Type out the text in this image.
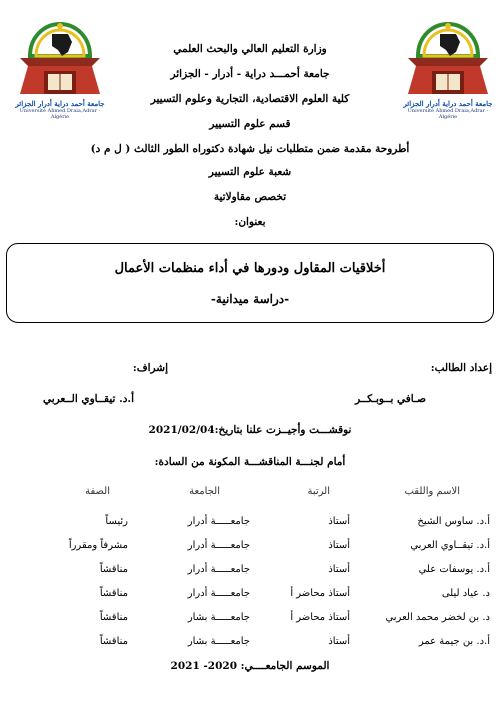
جامعة أحمد دراية أدرار الجزائر
Université Ahmed Draia,Adrar - Algérie
جامعة أحمد دراية أدرار الجزائر
Université Ahmed Draia,Adrar - Algérie
وزارة التعليم العالي والبحث العلمي
جامعة أحمـــد دراية - أدرار - الجزائر
كلية العلوم الاقتصادية، التجارية وعلوم التسيير
قسم علوم التسيير
أطروحة مقدمة ضمن متطلبات نيل شهادة دكتوراه الطور الثالث ( ل م د)
شعبة علوم التسيير
تخصص مقاولاتية
بعنوان:
أخلاقيات المقاول ودورها في أداء منظمات الأعمال
-دراسة ميدانية-
إعداد الطالب:
إشراف:
صـافي بــوبـكــر
أ.د. تيقــاوي الــعربي
نوقشـــت وأجيــزت علنا بتاريخ:2021/02/04
أمام لجنـــة المناقشـــة المكونة من السادة:
الاسم واللقب
الرتبة
الجامعة
الصفة
أ.د. ساوس الشيخ
أستاذ
جامعـــــة أدرار
رئيساً
أ.د. تيقــاوي العربي
أستاذ
جامعـــــة أدرار
مشرفاً ومقرراً
أ.د. يوسفات علي
أستاذ
جامعـــــة أدرار
مناقشاً
د. عياد ليلى
أستاذ محاضر أ
جامعـــــة أدرار
مناقشاً
د. بن لخضر محمد العربي
أستاذ محاضر أ
جامعـــــة بشار
مناقشاً
أ.د. بن جيمة عمر
أستاذ
جامعـــــة بشار
مناقشاً
الموسم الجامعــــي: 2020- 2021
